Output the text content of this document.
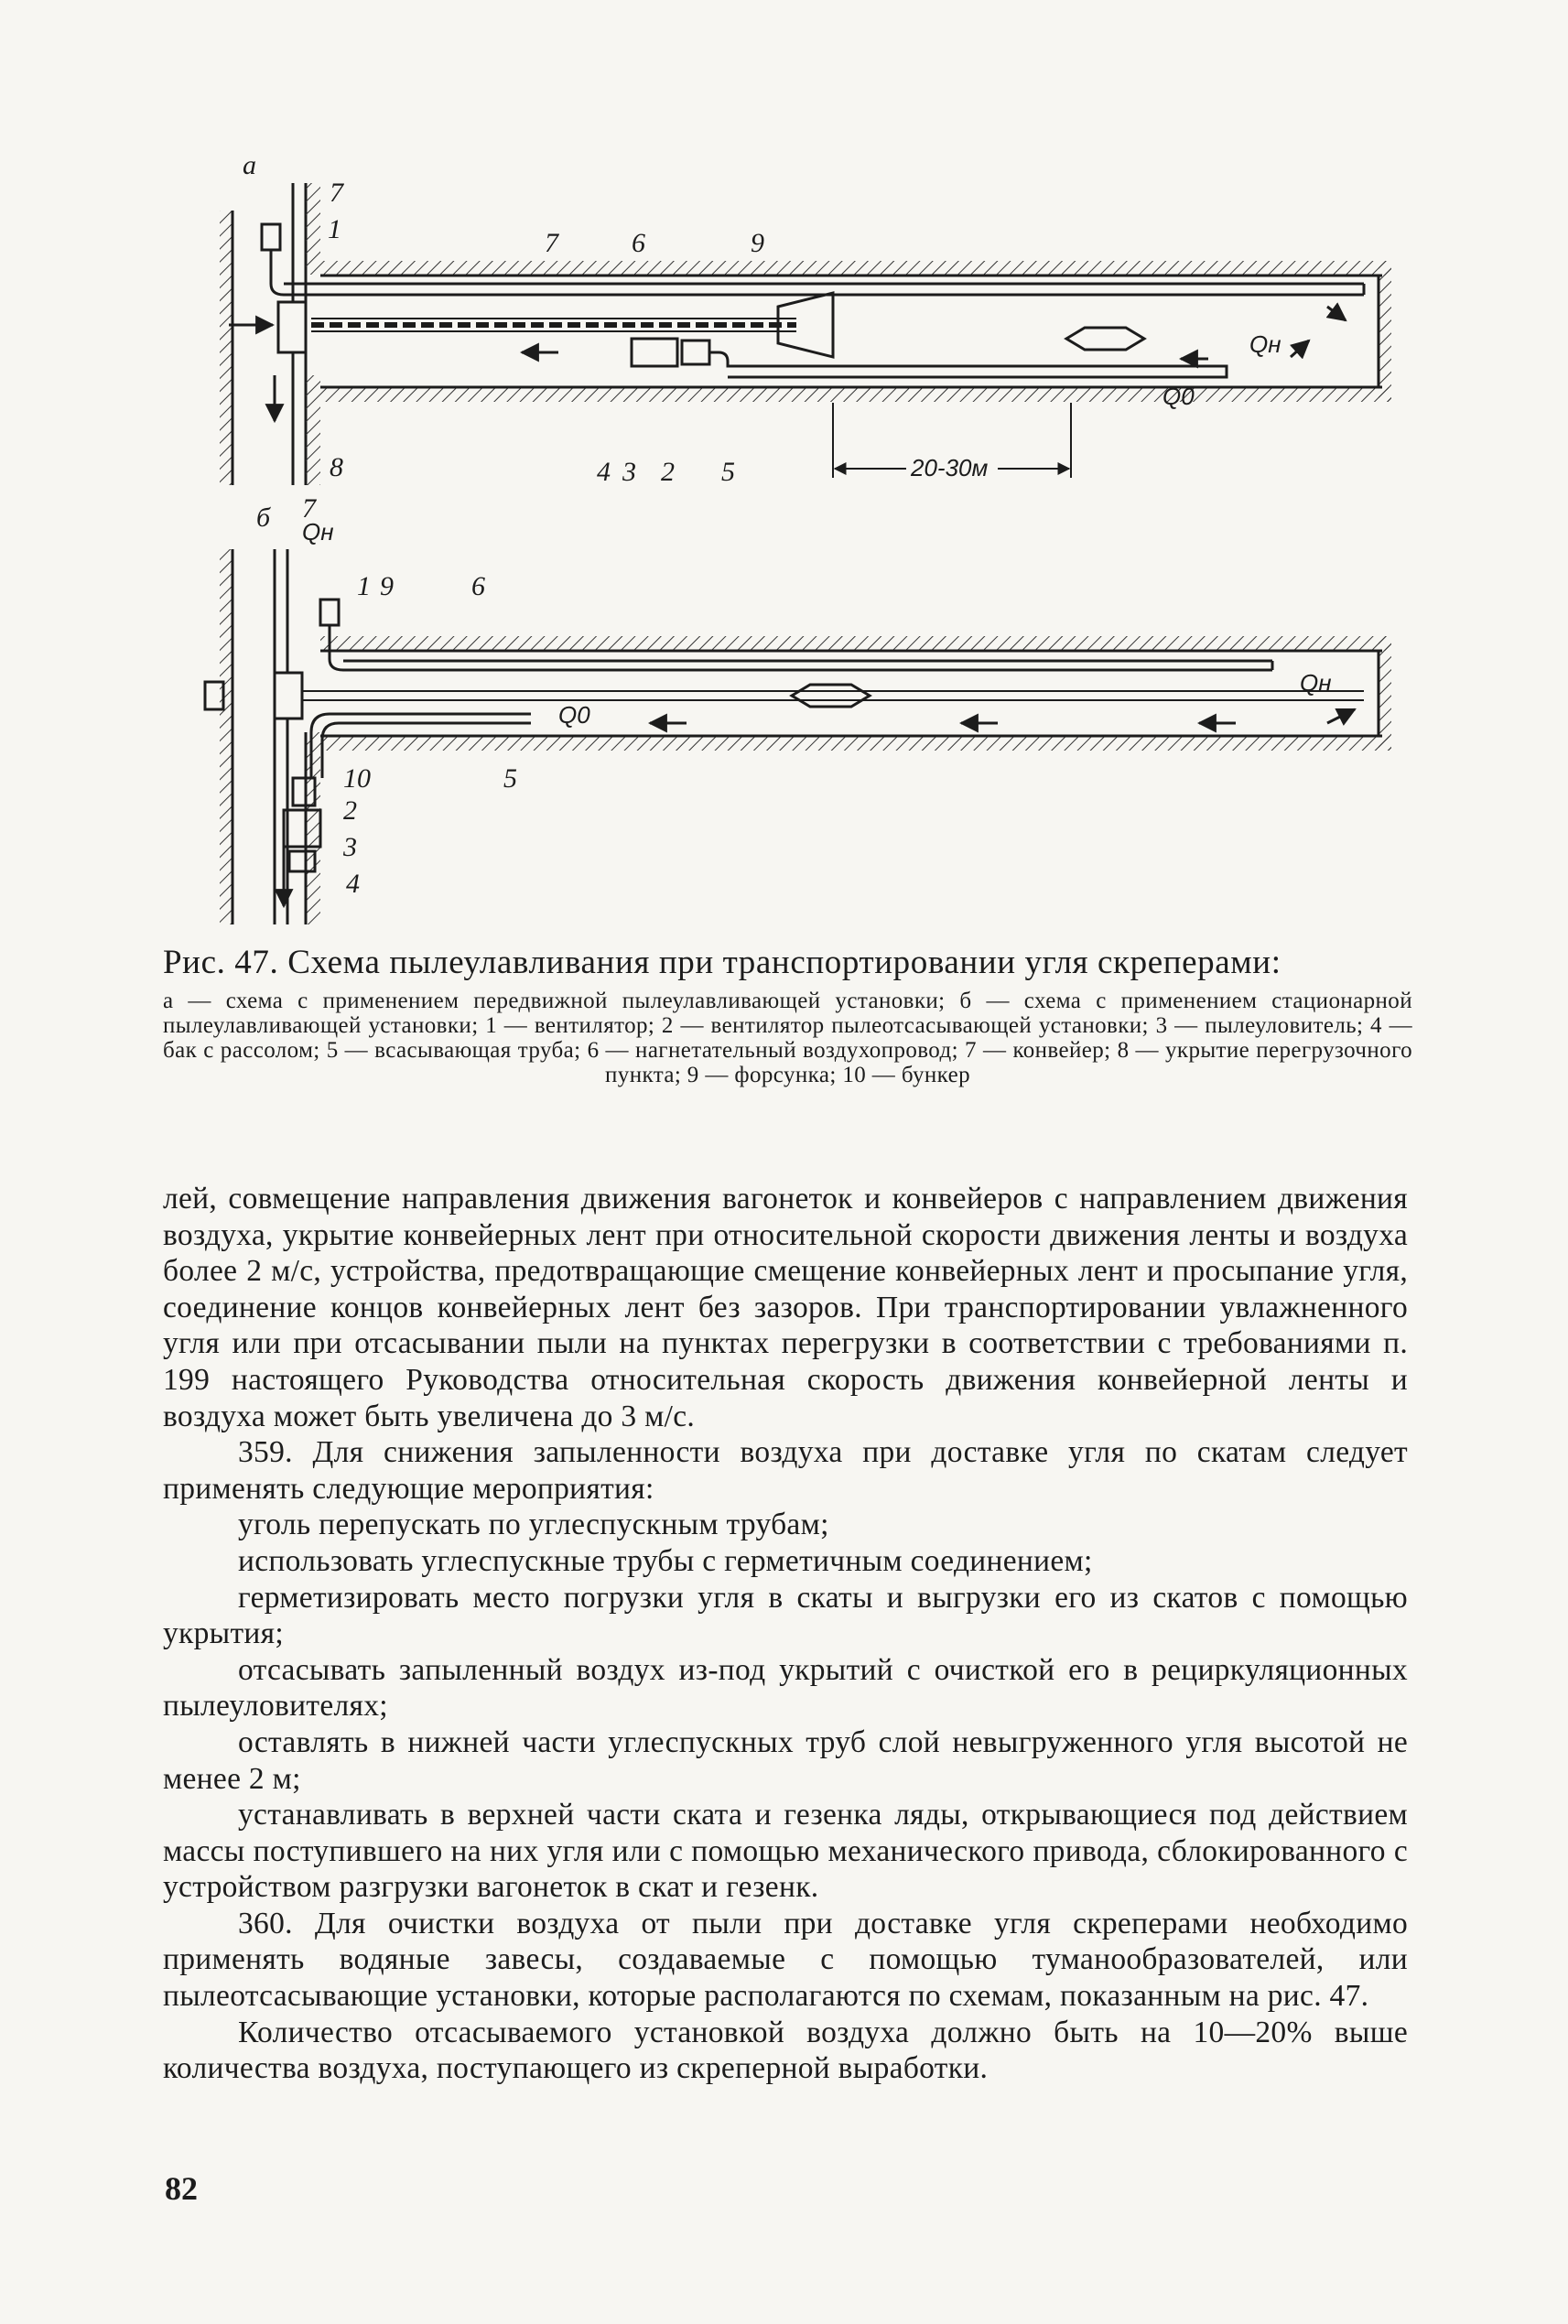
а
7
1	7	6	9
8	4 3 2 5
Qн
Q0
20-30м
б 7
1 9	6
10
2
3
4
5
Qн
Qн
Q0

Рис. 47. Схема пылеулавливания при транспортировании угля скреперами:

а — схема с применением передвижной пылеулавливающей установки; б — схема с применением стационарной пылеулавливающей установки; 1 — вентилятор; 2 — вентилятор пылеотсасывающей установки; 3 — пылеуловитель; 4 — бак с рассолом; 5 — всасывающая труба; 6 — нагнетательный воздухопровод; 7 — конвейер; 8 — укрытие перегрузочного пункта; 9 — форсунка; 10 — бункер

лей, совмещение направления движения вагонеток и конвейеров с направлением движения воздуха, укрытие конвейерных лент при относительной скорости движения ленты и воздуха более 2 м/с, устройства, предотвращающие смещение конвейерных лент и просыпание угля, соединение концов конвейерных лент без зазоров. При транспортировании увлажненного угля или при отсасывании пыли на пунктах перегрузки в соответствии с требованиями п. 199 настоящего Руководства относительная скорость движения конвейерной ленты и воздуха может быть увеличена до 3 м/с.

359. Для снижения запыленности воздуха при доставке угля по скатам следует применять следующие мероприятия:

уголь перепускать по углеспускным трубам;

использовать углеспускные трубы с герметичным соединением;

герметизировать место погрузки угля в скаты и выгрузки его из скатов с помощью укрытия;

отсасывать запыленный воздух из-под укрытий с очисткой его в рециркуляционных пылеуловителях;

оставлять в нижней части углеспускных труб слой невыгруженного угля высотой не менее 2 м;

устанавливать в верхней части ската и гезенка ляды, открывающиеся под действием массы поступившего на них угля или с помощью механического привода, сблокированного с устройством разгрузки вагонеток в скат и гезенк.

360. Для очистки воздуха от пыли при доставке угля скреперами необходимо применять водяные завесы, создаваемые с помощью туманообразователей, или пылеотсасывающие установки, которые располагаются по схемам, показанным на рис. 47.

Количество отсасываемого установкой воздуха должно быть на 10—20% выше количества воздуха, поступающего из скреперной выработки.

82
